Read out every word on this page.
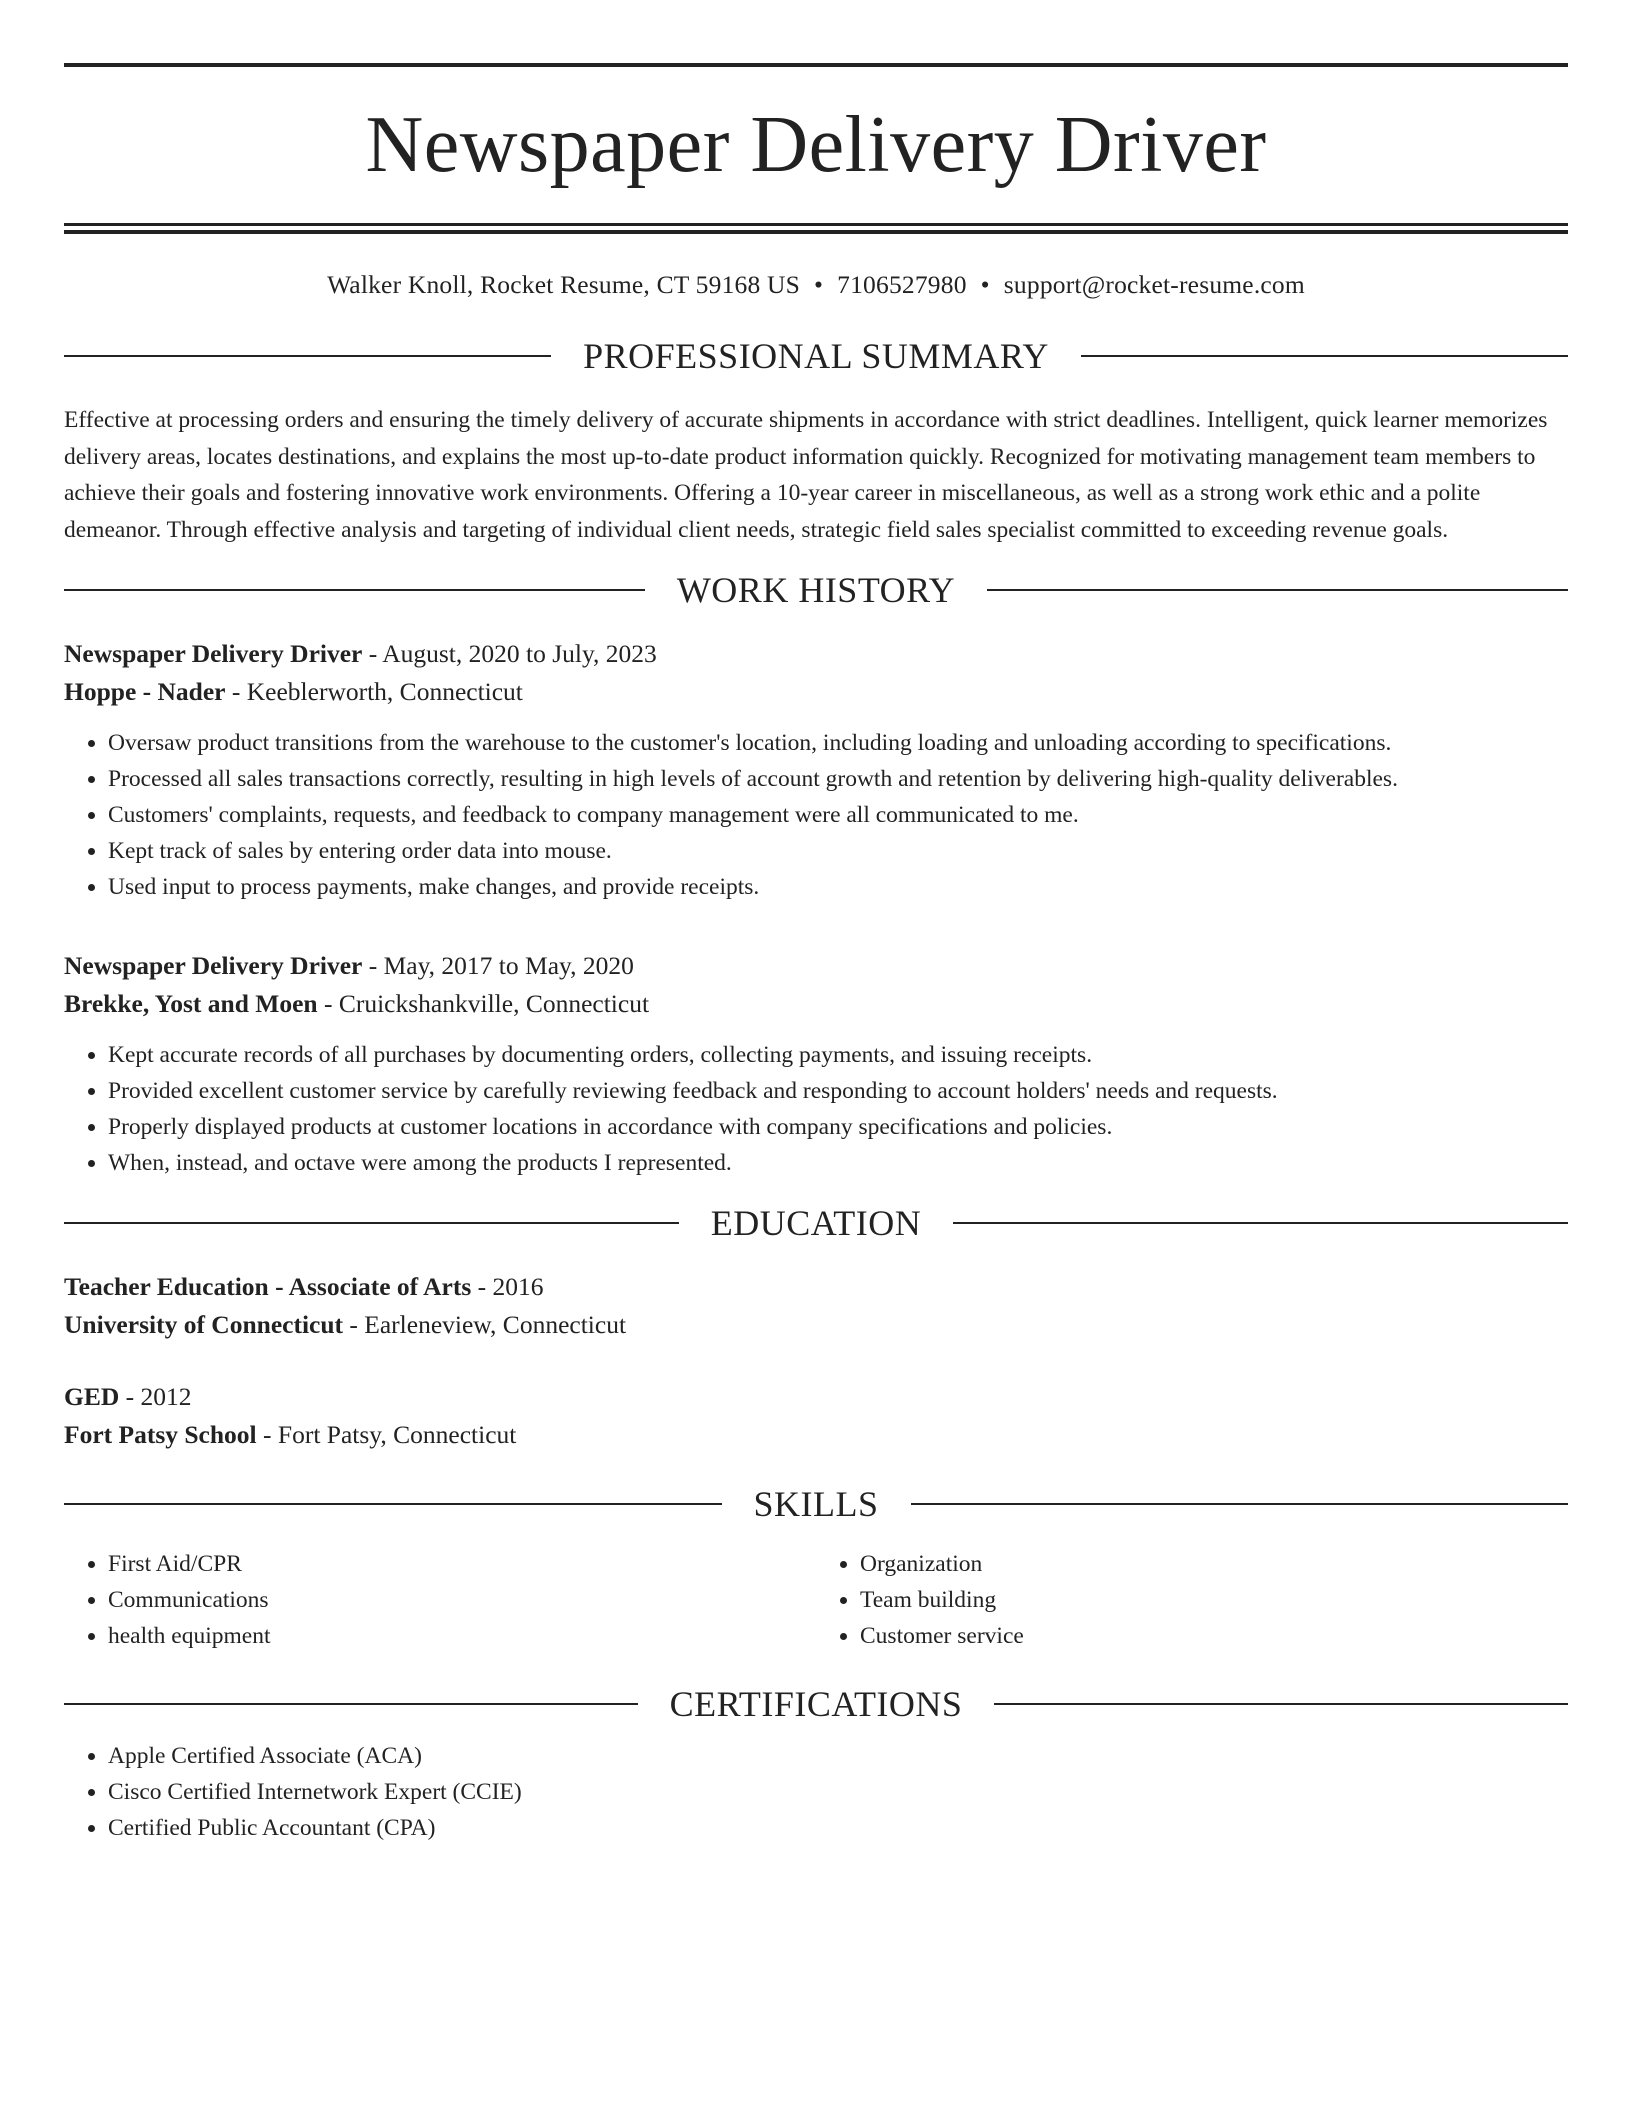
Newspaper Delivery Driver
Walker Knoll, Rocket Resume, CT 59168 US • 7106527980 • support@rocket-resume.com
PROFESSIONAL SUMMARY

Effective at processing orders and ensuring the timely delivery of accurate shipments in accordance with strict deadlines. Intelligent, quick learner memorizes delivery areas, locates destinations, and explains the most up-to-date product information quickly. Recognized for motivating management team members to achieve their goals and fostering innovative work environments. Offering a 10-year career in miscellaneous, as well as a strong work ethic and a polite demeanor. Through effective analysis and targeting of individual client needs, strategic field sales specialist committed to exceeding revenue goals.

WORK HISTORY
Newspaper Delivery Driver - August, 2020 to July, 2023
Hoppe - Nader - Keeblerworth, Connecticut
• Oversaw product transitions from the warehouse to the customer's location, including loading and unloading according to specifications.
• Processed all sales transactions correctly, resulting in high levels of account growth and retention by delivering high-quality deliverables.
• Customers' complaints, requests, and feedback to company management were all communicated to me.
• Kept track of sales by entering order data into mouse.
• Used input to process payments, make changes, and provide receipts.
Newspaper Delivery Driver - May, 2017 to May, 2020
Brekke, Yost and Moen - Cruickshankville, Connecticut
• Kept accurate records of all purchases by documenting orders, collecting payments, and issuing receipts.
• Provided excellent customer service by carefully reviewing feedback and responding to account holders' needs and requests.
• Properly displayed products at customer locations in accordance with company specifications and policies.
• When, instead, and octave were among the products I represented.
EDUCATION
Teacher Education - Associate of Arts - 2016
University of Connecticut - Earleneview, Connecticut
GED - 2012
Fort Patsy School - Fort Patsy, Connecticut
SKILLS
• First Aid/CPR
• Communications
• health equipment
• Organization
• Team building
• Customer service
CERTIFICATIONS
• Apple Certified Associate (ACA)
• Cisco Certified Internetwork Expert (CCIE)
• Certified Public Accountant (CPA)
